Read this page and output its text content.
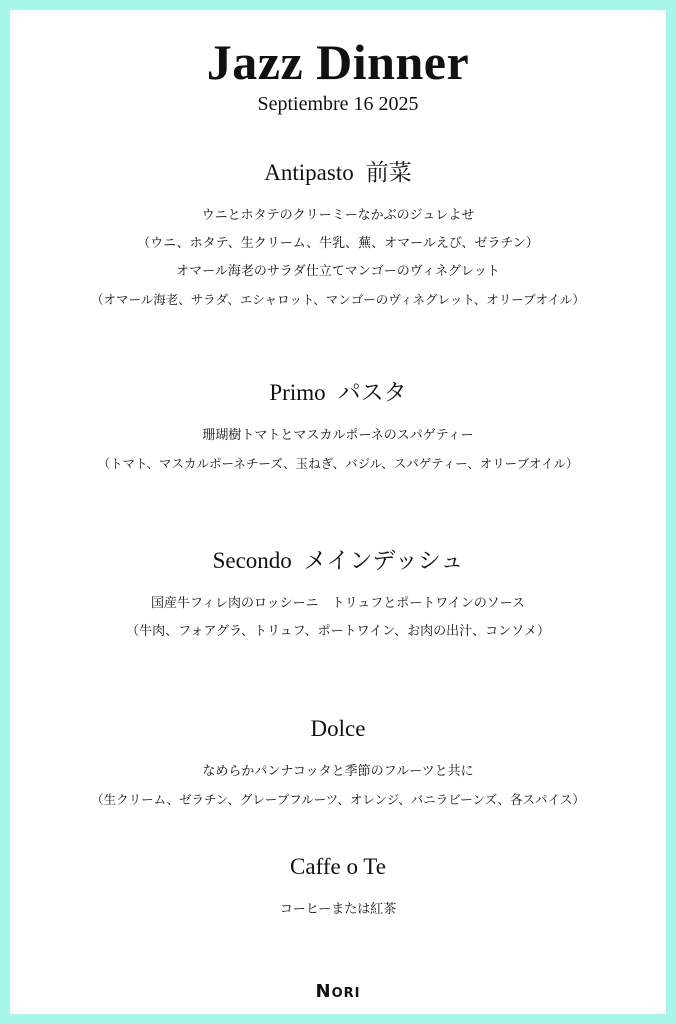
Jazz Dinner
Septiembre 16 2025
Antipasto 前菜
ウニとホタテのクリーミーなかぶのジュレよせ
（ウニ、ホタテ、生クリーム、牛乳、蕪、オマールえび、ゼラチン）
オマール海老のサラダ仕立てマンゴーのヴィネグレット
（オマール海老、サラダ、エシャロット、マンゴーのヴィネグレット、オリーブオイル）
Primo パスタ
珊瑚樹トマトとマスカルポーネのスパゲティー
（トマト、マスカルポーネチーズ、玉ねぎ、バジル、スパゲティー、オリーブオイル）
Secondo メインデッシュ
国産牛フィレ肉のロッシーニ　トリュフとポートワインのソース
（牛肉、フォアグラ、トリュフ、ポートワイン、お肉の出汁、コンソメ）
Dolce
なめらかパンナコッタと季節のフルーツと共に
（生クリーム、ゼラチン、グレープフルーツ、オレンジ、バニラビーンズ、各スパイス）
Caffe o Te
コーヒーまたは紅茶
Nori
